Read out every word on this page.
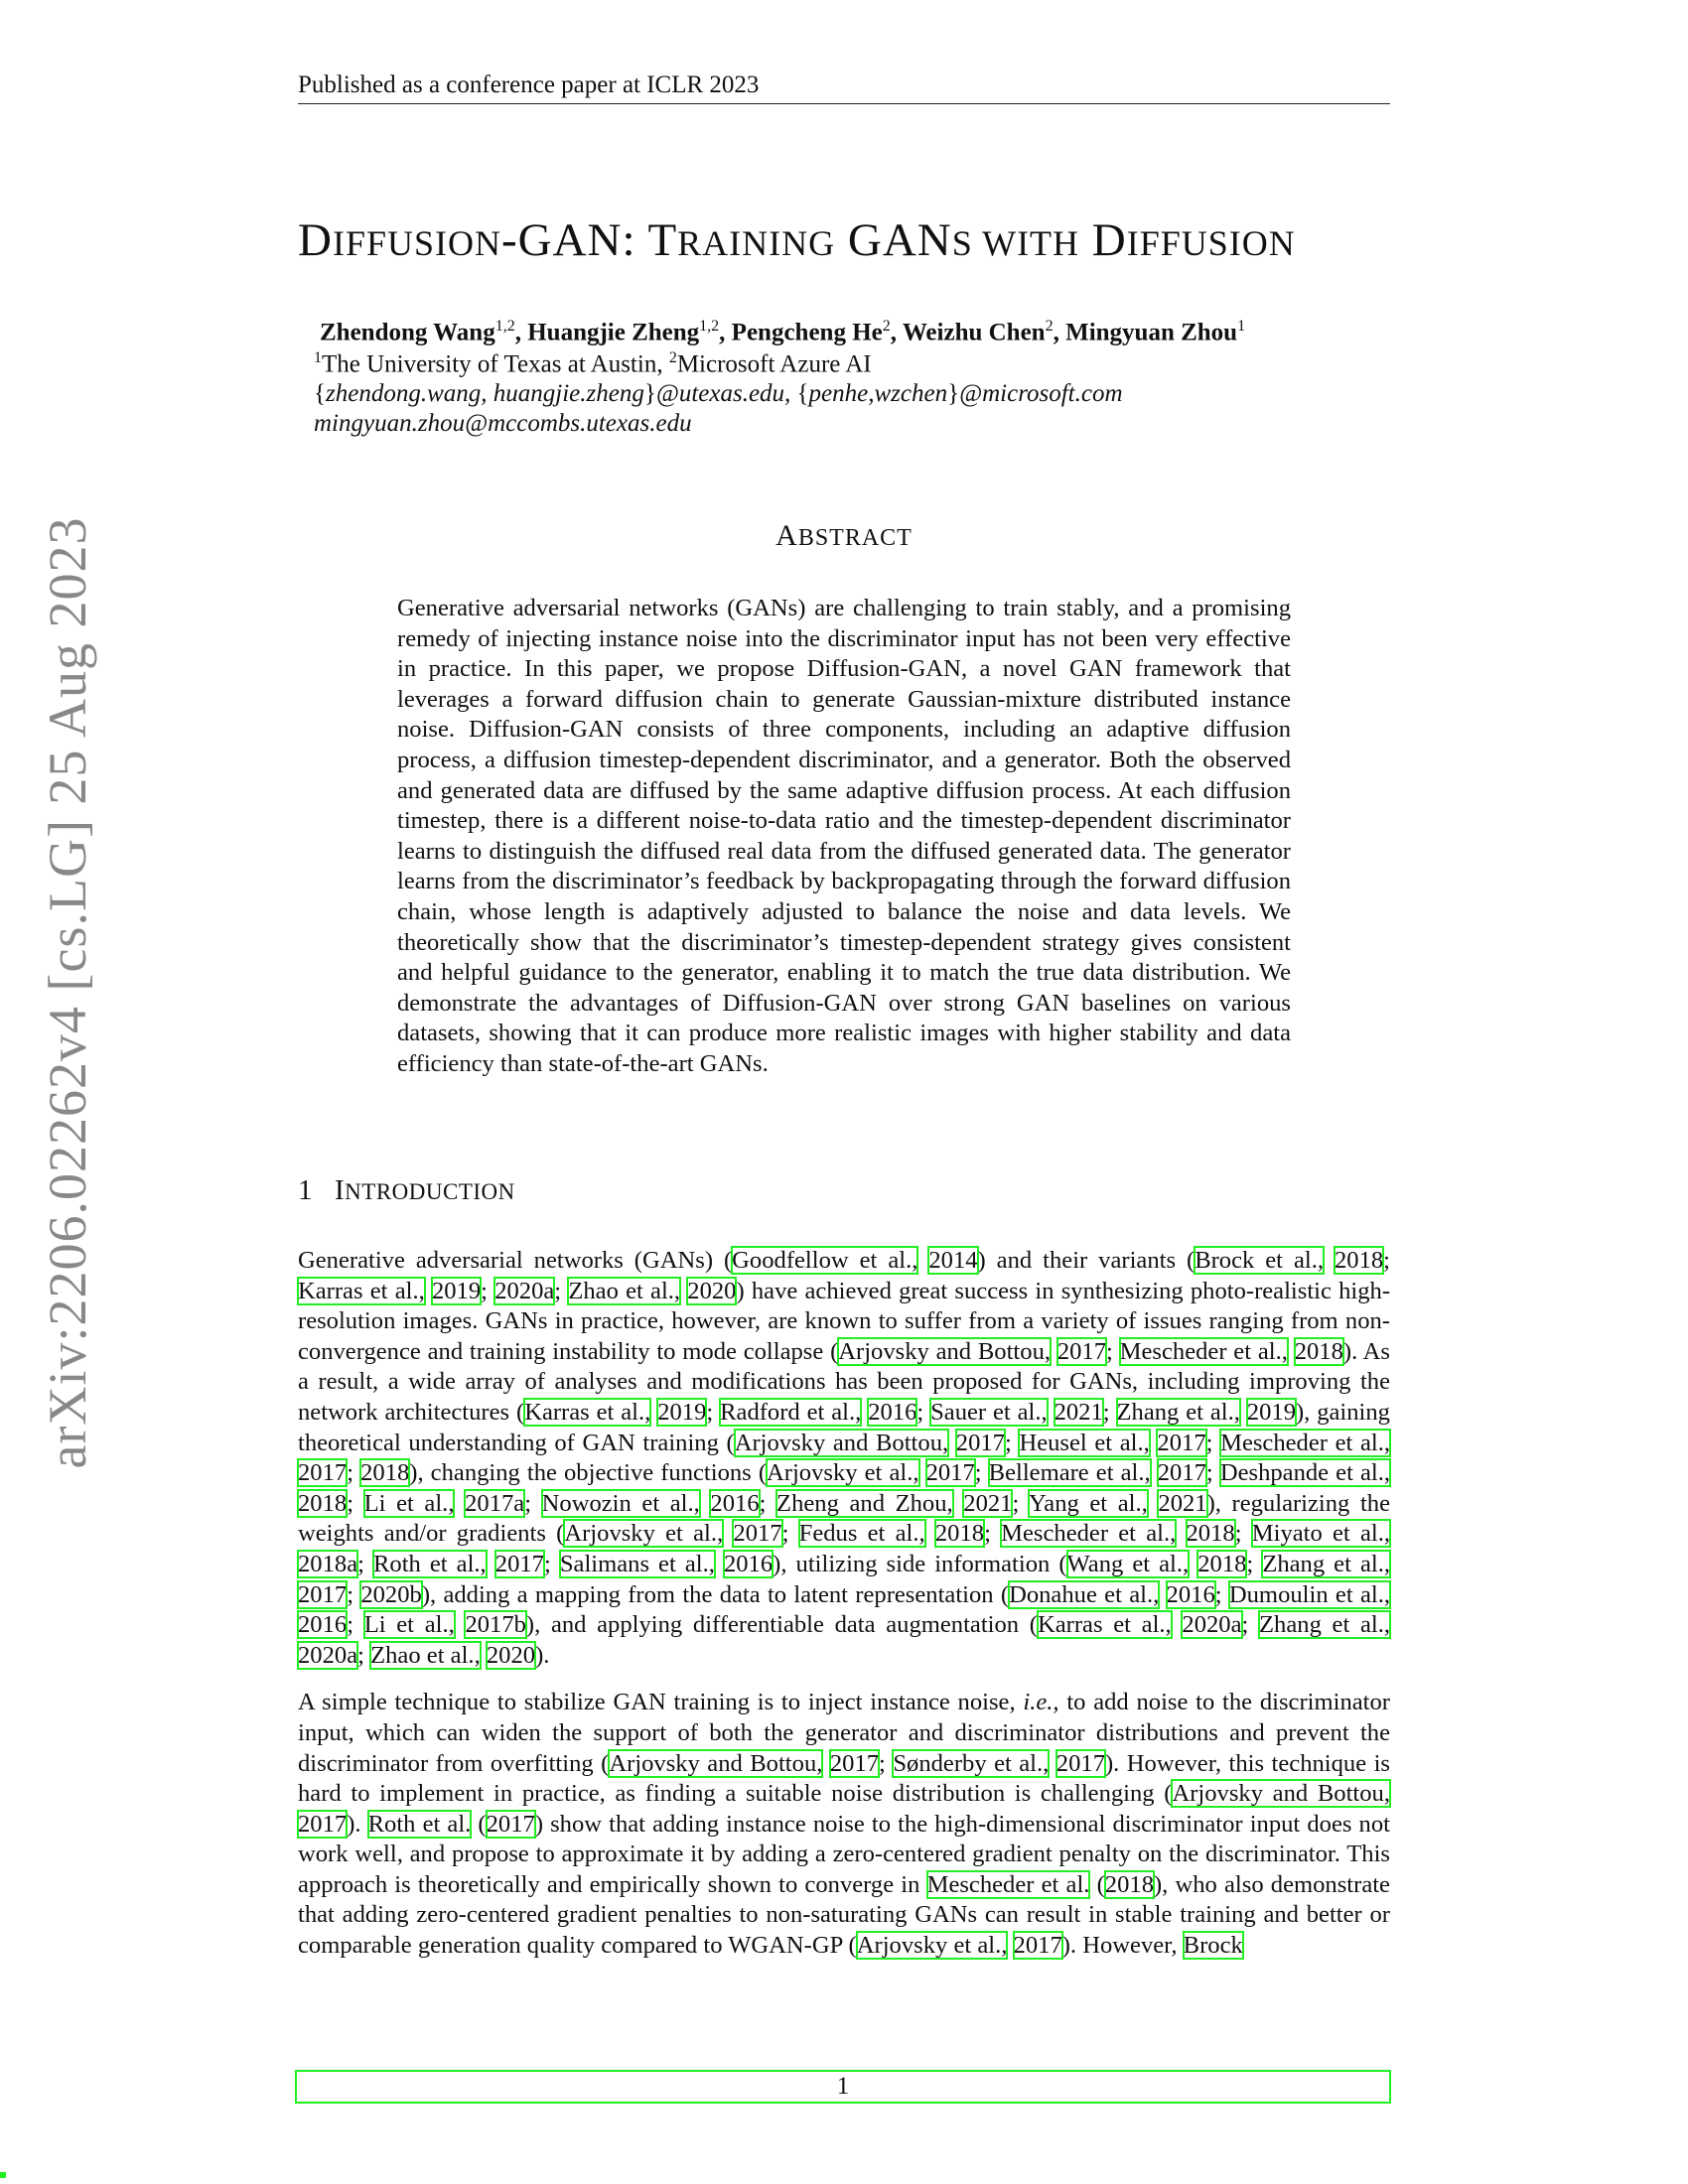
Published as a conference paper at ICLR 2023
arXiv:2206.02262v4 [cs.LG] 25 Aug 2023
DIFFUSION-GAN: TRAINING GANS WITH DIFFUSION
Zhendong Wang$^{1,2}$, Huangjie Zheng$^{1,2}$, Pengcheng He$^2$, Weizhu Chen$^2$, Mingyuan Zhou$^1$
$^1$The University of Texas at Austin, $^2$Microsoft Azure AI
{zhendong.wang, huangjie.zheng}@utexas.edu, {penhe,wzchen}@microsoft.com
mingyuan.zhou@mccombs.utexas.edu
ABSTRACT
Generative adversarial networks (GANs) are challenging to train stably, and a promising remedy of injecting instance noise into the discriminator input has not been very effective in practice. In this paper, we propose Diffusion-GAN, a novel GAN framework that leverages a forward diffusion chain to generate Gaussian-mixture distributed instance noise. Diffusion-GAN consists of three components, including an adaptive diffusion process, a diffusion timestep-dependent discriminator, and a generator. Both the observed and generated data are diffused by the same adaptive diffusion process. At each diffusion timestep, there is a different noise-to-data ratio and the timestep-dependent discriminator learns to distinguish the diffused real data from the diffused generated data. The generator learns from the discriminator’s feedback by backpropagating through the forward diffusion chain, whose length is adaptively adjusted to balance the noise and data levels. We theoretically show that the discriminator’s timestep-dependent strategy gives consistent and helpful guidance to the generator, enabling it to match the true data distribution. We demonstrate the advantages of Diffusion-GAN over strong GAN baselines on various datasets, showing that it can produce more realistic images with higher stability and data efficiency than state-of-the-art GANs.
1 INTRODUCTION

Generative adversarial networks (GANs) (Goodfellow et al., 2014) and their variants (Brock et al., 2018; Karras et al., 2019; 2020a; Zhao et al., 2020) have achieved great success in synthesizing photo-realistic high-resolution images. GANs in practice, however, are known to suffer from a variety of issues ranging from non-convergence and training instability to mode collapse (Arjovsky and Bottou, 2017; Mescheder et al., 2018). As a result, a wide array of analyses and modifications has been proposed for GANs, including improving the network architectures (Karras et al., 2019; Radford et al., 2016; Sauer et al., 2021; Zhang et al., 2019), gaining theoretical understanding of GAN training (Arjovsky and Bottou, 2017; Heusel et al., 2017; Mescheder et al., 2017; 2018), changing the objective functions (Arjovsky et al., 2017; Bellemare et al., 2017; Deshpande et al., 2018; Li et al., 2017a; Nowozin et al., 2016; Zheng and Zhou, 2021; Yang et al., 2021), regularizing the weights and/or gradients (Arjovsky et al., 2017; Fedus et al., 2018; Mescheder et al., 2018; Miyato et al., 2018a; Roth et al., 2017; Salimans et al., 2016), utilizing side information (Wang et al., 2018; Zhang et al., 2017; 2020b), adding a mapping from the data to latent representation (Donahue et al., 2016; Dumoulin et al., 2016; Li et al., 2017b), and applying differentiable data augmentation (Karras et al., 2020a; Zhang et al., 2020a; Zhao et al., 2020).

A simple technique to stabilize GAN training is to inject instance noise, i.e., to add noise to the discriminator input, which can widen the support of both the generator and discriminator distributions and prevent the discriminator from overfitting (Arjovsky and Bottou, 2017; Sønderby et al., 2017). However, this technique is hard to implement in practice, as finding a suitable noise distribution is challenging (Arjovsky and Bottou, 2017). Roth et al. (2017) show that adding instance noise to the high-dimensional discriminator input does not work well, and propose to approximate it by adding a zero-centered gradient penalty on the discriminator. This approach is theoretically and empirically shown to converge in Mescheder et al. (2018), who also demonstrate that adding zero-centered gradient penalties to non-saturating GANs can result in stable training and better or comparable generation quality compared to WGAN-GP (Arjovsky et al., 2017). However, Brock

1
